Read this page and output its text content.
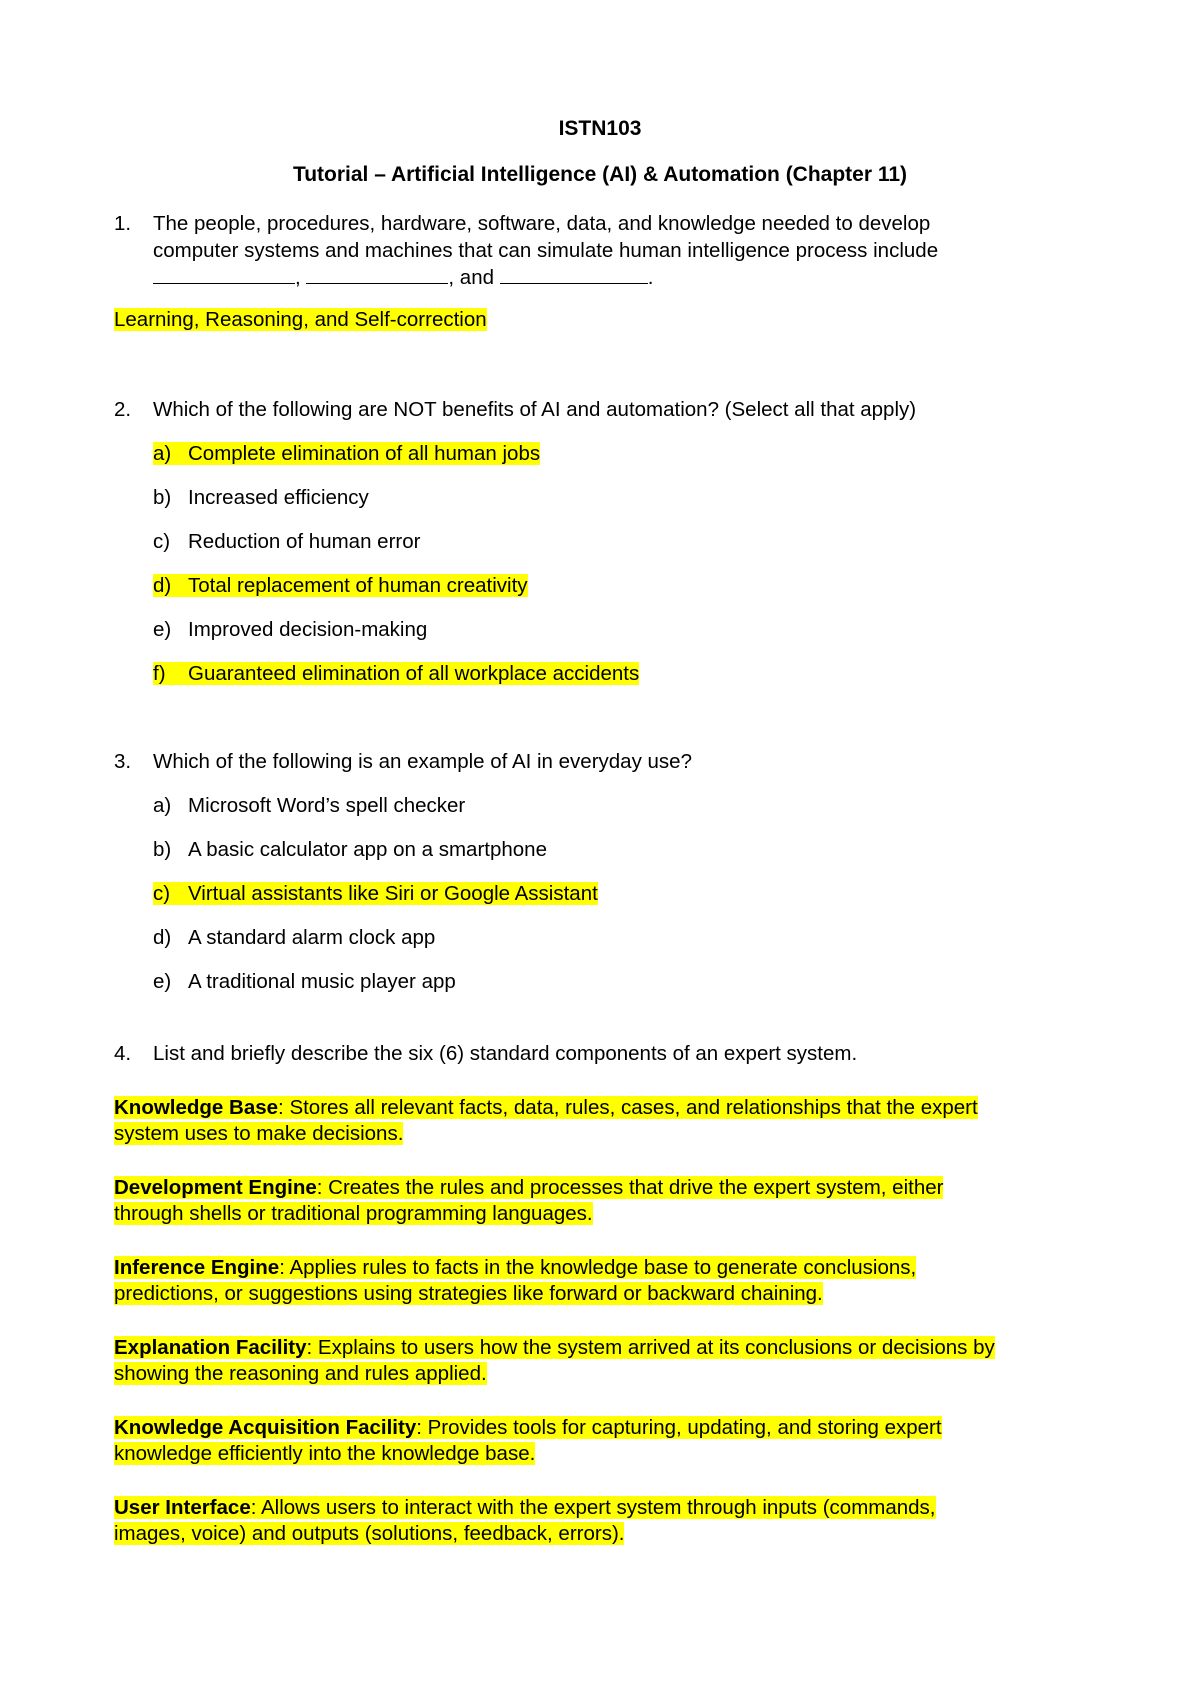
ISTN103
Tutorial – Artificial Intelligence (AI) & Automation (Chapter 11)
1. The people, procedures, hardware, software, data, and knowledge needed to develop
computer systems and machines that can simulate human intelligence process include
,	, and	.
Learning, Reasoning, and Self-correction
2. Which of the following are NOT benefits of AI and automation? (Select all that apply)
a) Complete elimination of all human jobs
b) Increased efficiency
c) Reduction of human error
d) Total replacement of human creativity
e) Improved decision-making
f) Guaranteed elimination of all workplace accidents
3. Which of the following is an example of AI in everyday use?
a) Microsoft Word’s spell checker
b) A basic calculator app on a smartphone
c) Virtual assistants like Siri or Google Assistant
d) A standard alarm clock app
e) A traditional music player app
4. List and briefly describe the six (6) standard components of an expert system.
Knowledge Base: Stores all relevant facts, data, rules, cases, and relationships that the expert
system uses to make decisions.
Development Engine: Creates the rules and processes that drive the expert system, either
through shells or traditional programming languages.
Inference Engine: Applies rules to facts in the knowledge base to generate conclusions,
predictions, or suggestions using strategies like forward or backward chaining.
Explanation Facility: Explains to users how the system arrived at its conclusions or decisions by
showing the reasoning and rules applied.
Knowledge Acquisition Facility: Provides tools for capturing, updating, and storing expert
knowledge efficiently into the knowledge base.
User Interface: Allows users to interact with the expert system through inputs (commands,
images, voice) and outputs (solutions, feedback, errors).
